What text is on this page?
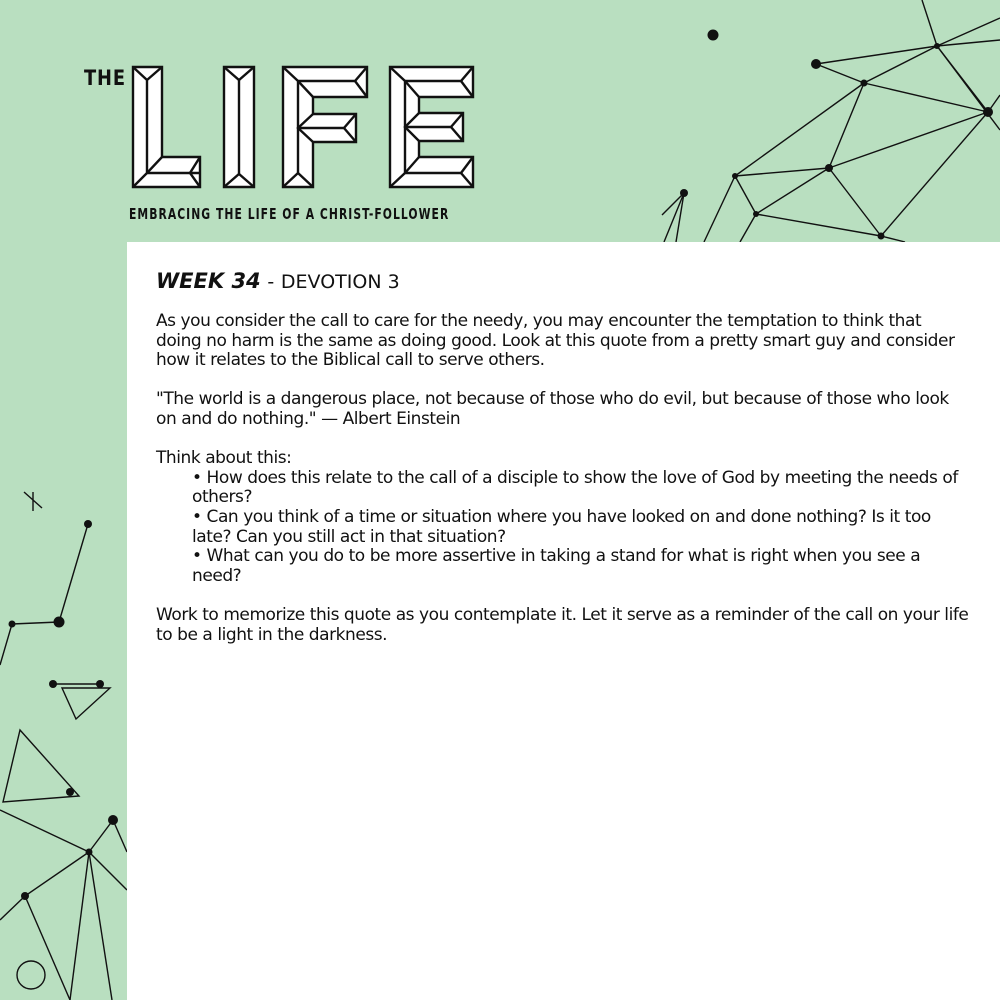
THE
EMBRACING THE LIFE OF A CHRIST-FOLLOWER
WEEK 34 - DEVOTION 3

As you consider the call to care for the needy, you may encounter the temptation to think that doing no harm is the same as doing good. Look at this quote from a pretty smart guy and consider how it relates to the Biblical call to serve others.

"The world is a dangerous place, not because of those who do evil, but because of those who look on and do nothing." — Albert Einstein

Think about this:
• How does this relate to the call of a disciple to show the love of God by meeting the needs of others?
• Can you think of a time or situation where you have looked on and done nothing? Is it too late? Can you still act in that situation?
• What can you do to be more assertive in taking a stand for what is right when you see a need?

Work to memorize this quote as you contemplate it. Let it serve as a reminder of the call on your life to be a light in the darkness.
